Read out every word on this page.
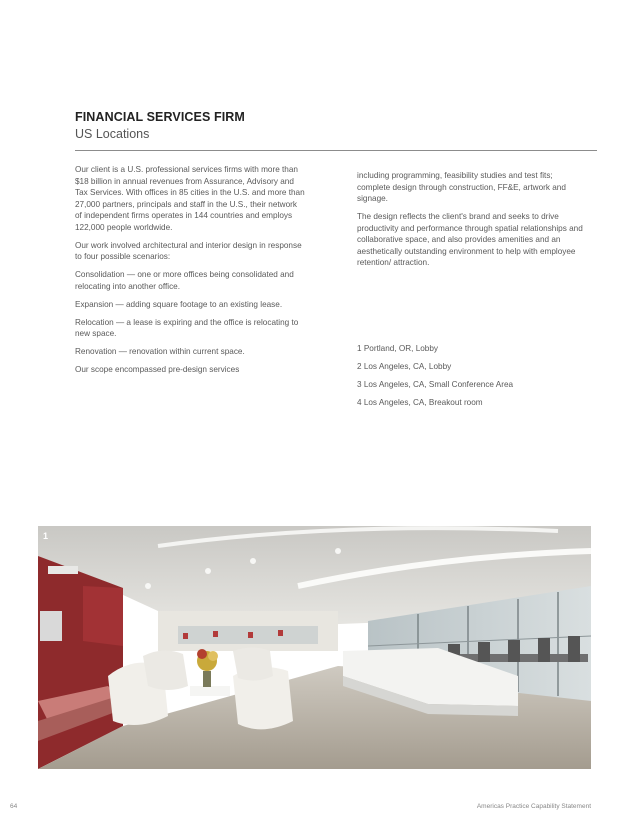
FINANCIAL SERVICES FIRM
US Locations

Our client is a U.S. professional services firms with more than $18 billion in annual revenues from Assurance, Advisory and Tax Services. With offices in 85 cities in the U.S. and more than 27,000 partners, principals and staff in the U.S., their network of independent firms operates in 144 countries and employs 122,000 people worldwide.

Our work involved architectural and interior design in response to four possible scenarios:

Consolidation — one or more offices being consolidated and relocating into another office.

Expansion — adding square footage to an existing lease.

Relocation — a lease is expiring and the office is relocating to new space.

Renovation — renovation within current space.

Our scope encompassed pre-design services

including programming, feasibility studies and test fits; complete design through construction, FF&E, artwork and signage.

The design reflects the client's brand and seeks to drive productivity and performance through spatial relationships and collaborative space, and also provides amenities and an aesthetically outstanding environment to help with employee retention/ attraction.

1 Portland, OR, Lobby
2 Los Angeles, CA, Lobby
3 Los Angeles, CA, Small Conference Area
4 Los Angeles, CA, Breakout room
1
64	Americas Practice Capability Statement
